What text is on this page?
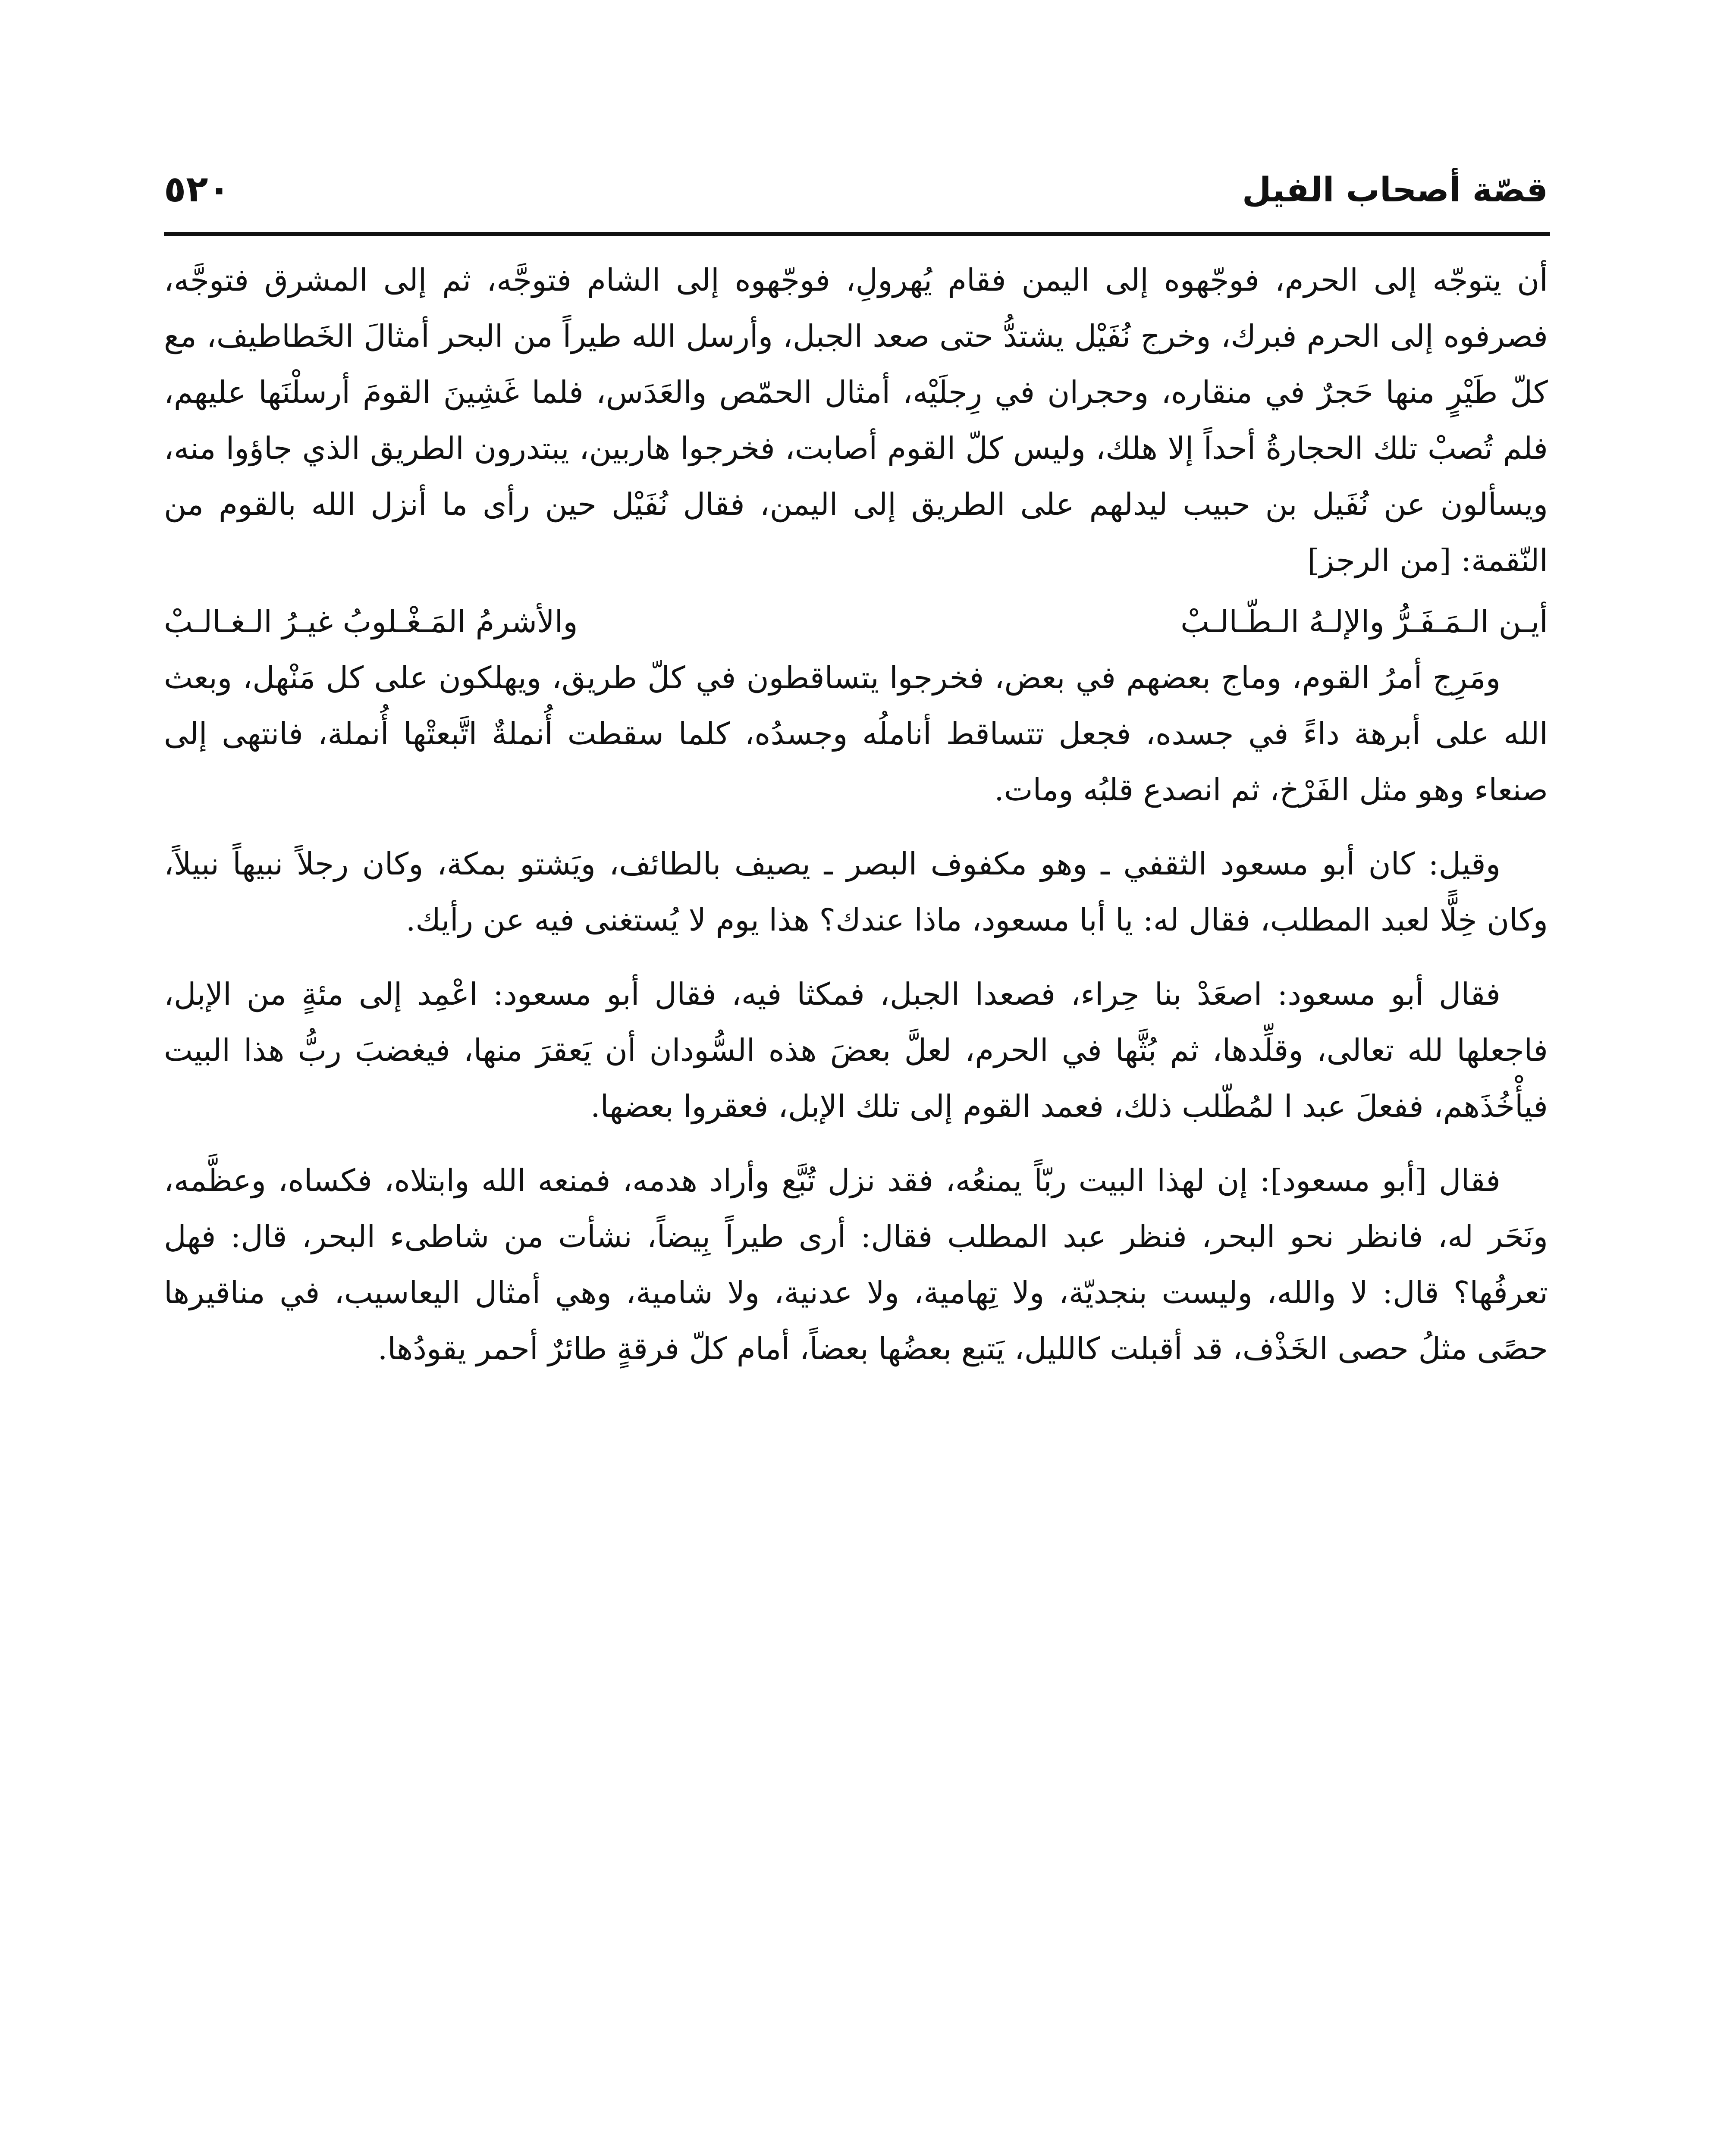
قصّة أصحاب الفيل
٥٢٠

أن يتوجّه إلى الحرم، فوجّهوه إلى اليمن فقام يُهرولِ، فوجّهوه إلى الشام فتوجَّه، ثم إلى المشرق فتوجَّه، فصرفوه إلى الحرم فبرك، وخرج نُفَيْل يشتدُّ حتى صعد الجبل، وأرسل الله طيراً من البحر أمثالَ الخَطاطيف، مع كلّ طَيْرٍ منها حَجرٌ في منقاره، وحجران في رِجلَيْه، أمثال الحمّص والعَدَس، فلما غَشِينَ القومَ أرسلْنَها عليهم، فلم تُصبْ تلك الحجارةُ أحداً إلا هلك، وليس كلّ القوم أصابت، فخرجوا هاربين، يبتدرون الطريق الذي جاؤوا منه، ويسألون عن نُفَيل بن حبيب ليدلهم على الطريق إلى اليمن، فقال نُفَيْل حين رأى ما أنزل الله بالقوم من النّقمة: [من الرجز]

أيـن الـمَـفَـرُّ والإلـهُ الـطّـالـبْ
والأشرمُ المَـغْـلوبُ غيـرُ الـغـالـبْ

ومَرِج أمرُ القوم، وماج بعضهم في بعض، فخرجوا يتساقطون في كلّ طريق، ويهلكون على كل مَنْهل، وبعث الله على أبرهة داءً في جسده، فجعل تتساقط أناملُه وجسدُه، كلما سقطت أُنملةٌ اتَّبعتْها أُنملة، فانتهى إلى صنعاء وهو مثل الفَرْخ، ثم انصدع قلبُه ومات.

وقيل: كان أبو مسعود الثقفي ـ وهو مكفوف البصر ـ يصيف بالطائف، ويَشتو بمكة، وكان رجلاً نبيهاً نبيلاً، وكان خِلًّا لعبد المطلب، فقال له: يا أبا مسعود، ماذا عندك؟ هذا يوم لا يُستغنى فيه عن رأيك.

فقال أبو مسعود: اصعَدْ بنا حِراء، فصعدا الجبل، فمكثا فيه، فقال أبو مسعود: اعْمِد إلى مئةٍ من الإبل، فاجعلها لله تعالى، وقلِّدها، ثم بُثَّها في الحرم، لعلَّ بعضَ هذه السُّودان أن يَعقرَ منها، فيغضبَ ربُّ هذا البيت فيأْخُذَهم، ففعلَ عبد ا لمُطّلب ذلك، فعمد القوم إلى تلك الإبل، فعقروا بعضها.

فقال [أبو مسعود]: إن لهذا البيت ربّاً يمنعُه، فقد نزل تُبَّع وأراد هدمه، فمنعه الله وابتلاه، فكساه، وعظَّمه، ونَحَر له، فانظر نحو البحر، فنظر عبد المطلب فقال: أرى طيراً بِيضاً، نشأت من شاطىء البحر، قال: فهل تعرفُها؟ قال: لا والله، وليست بنجديّة، ولا تِهامية، ولا عدنية، ولا شامية، وهي أمثال اليعاسيب، في مناقيرها حصًى مثلُ حصى الخَذْف، قد أقبلت كالليل، يَتبع بعضُها بعضاً، أمام كلّ فرقةٍ طائرٌ أحمر يقودُها.
